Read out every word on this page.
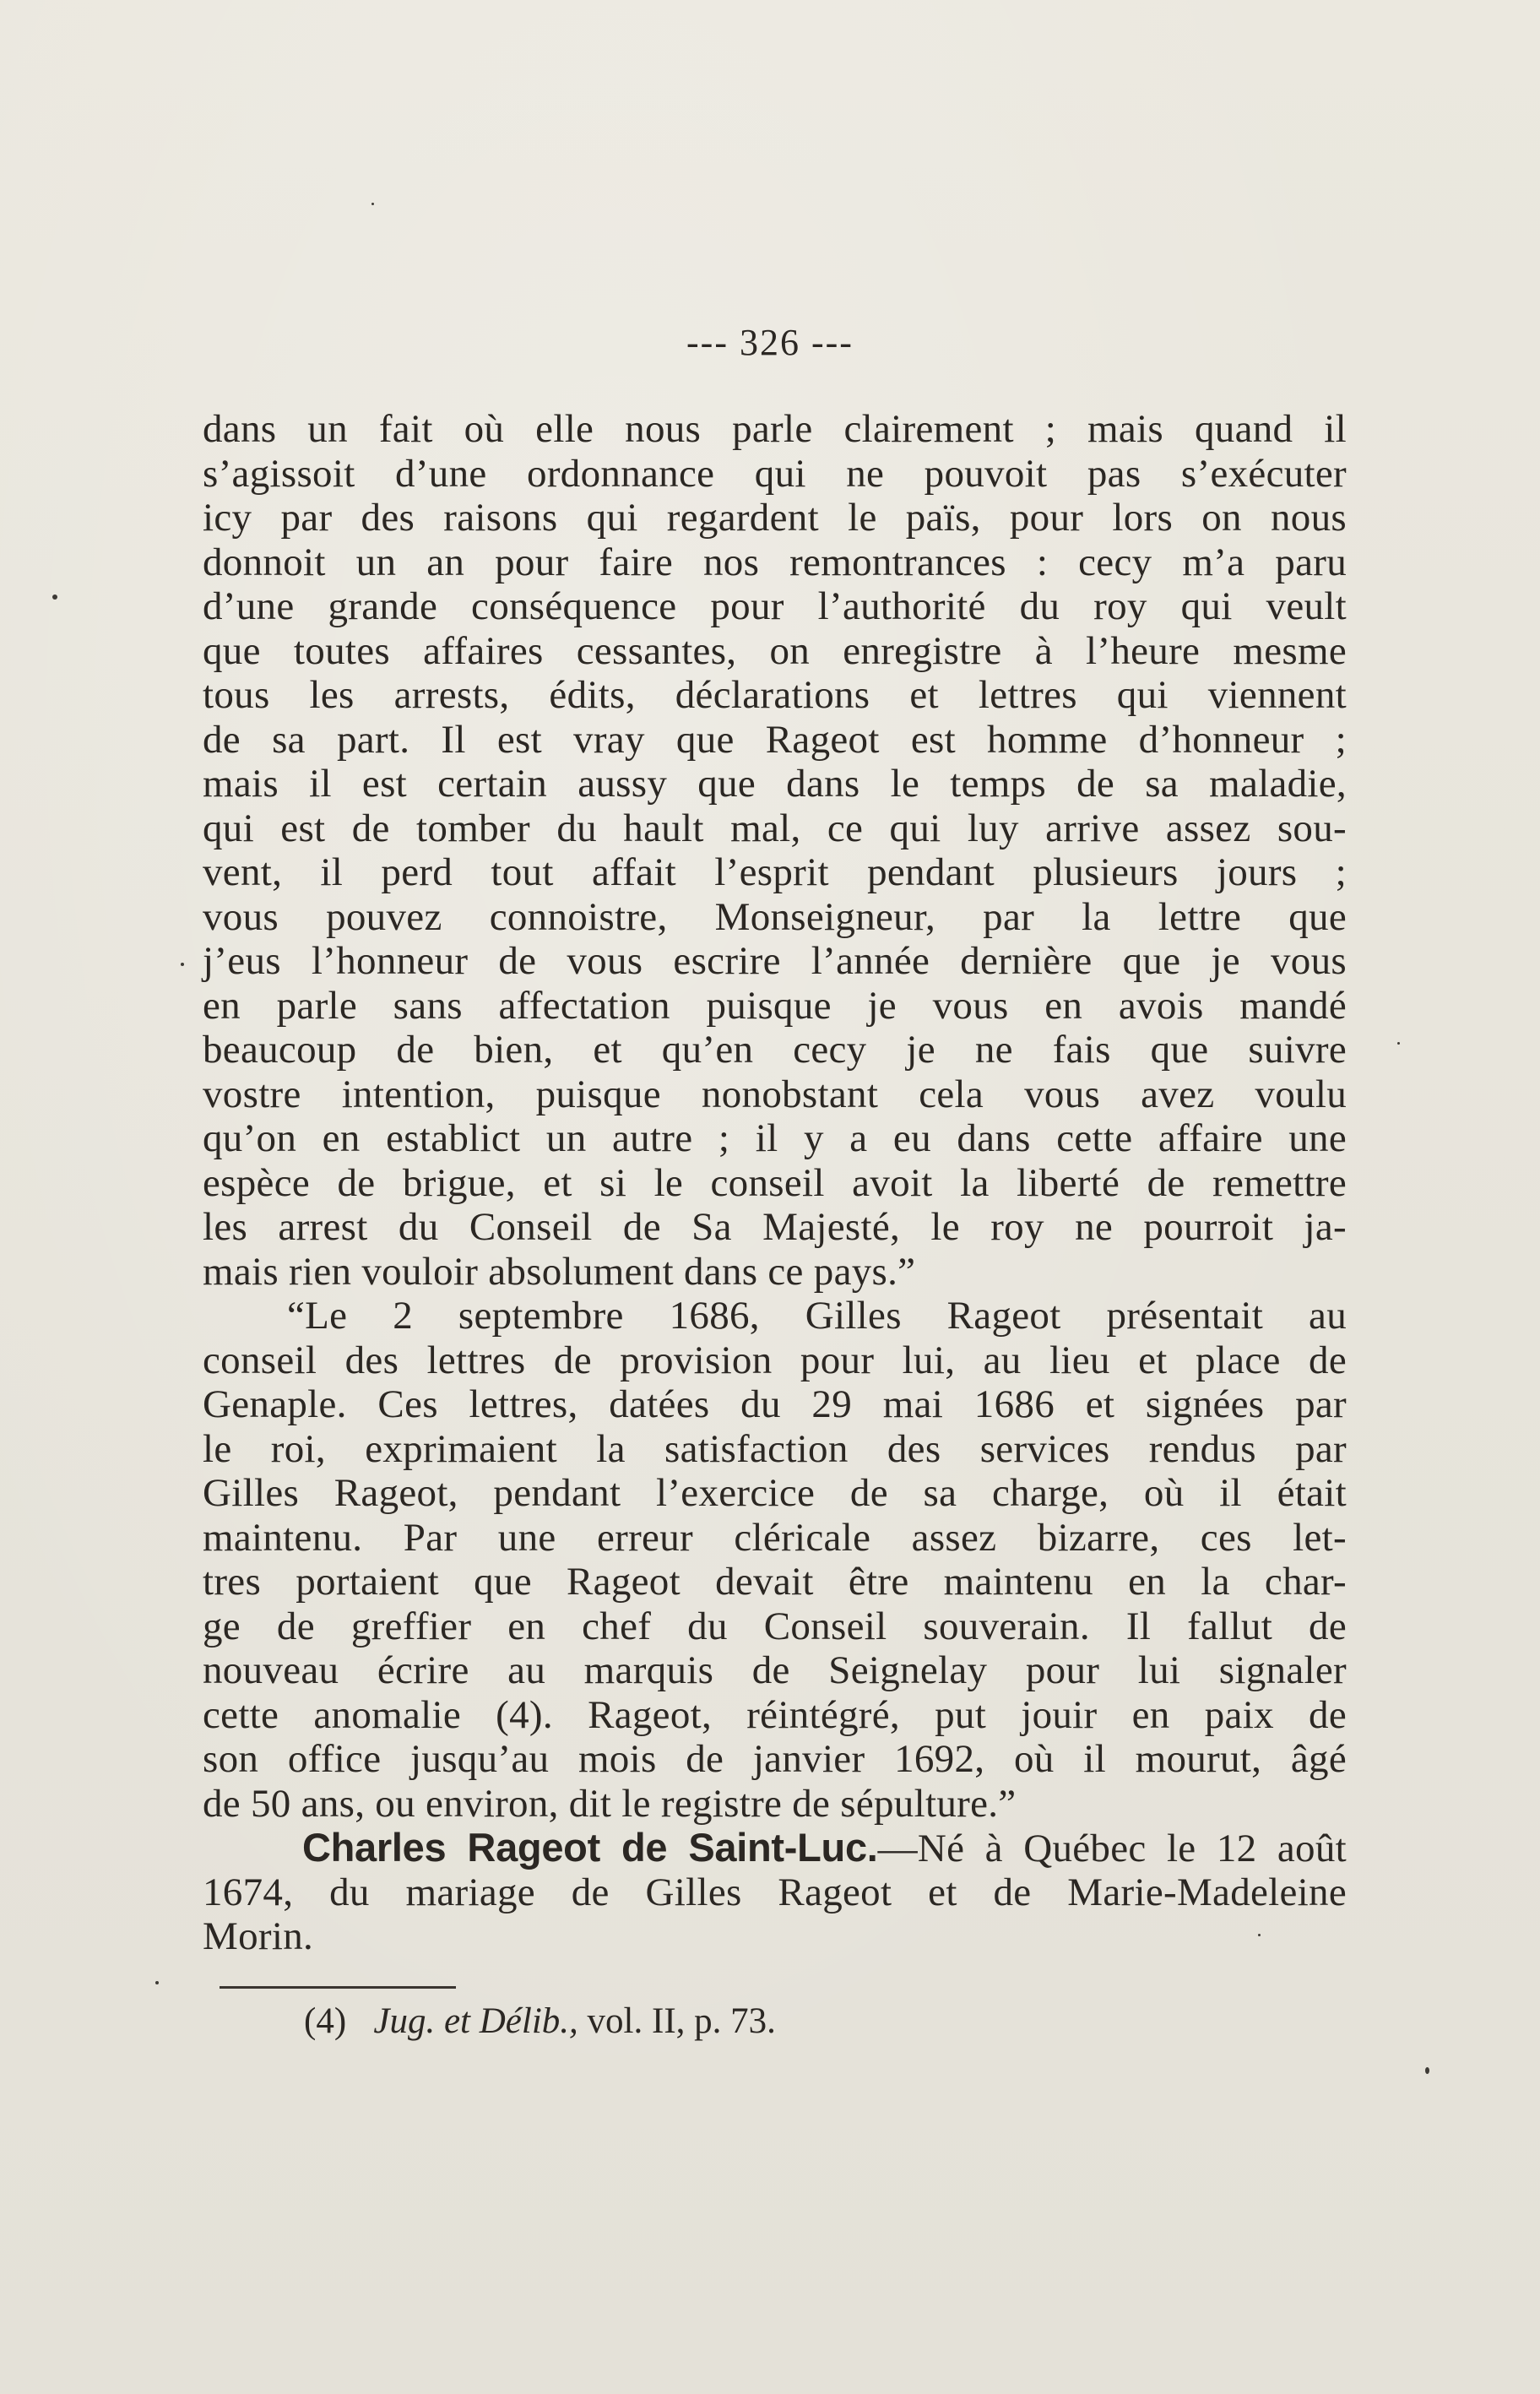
--- 326 ---
dans un fait où elle nous parle clairement ; mais quand il
s’agissoit d’une ordonnance qui ne pouvoit pas s’exécuter
icy par des raisons qui regardent le païs, pour lors on nous
donnoit un an pour faire nos remontrances : cecy m’a paru
d’une grande conséquence pour l’authorité du roy qui veult
que toutes affaires cessantes, on enregistre à l’heure mesme
tous les arrests, édits, déclarations et lettres qui viennent
de sa part. Il est vray que Rageot est homme d’honneur ;
mais il est certain aussy que dans le temps de sa maladie,
qui est de tomber du hault mal, ce qui luy arrive assez sou-
vent, il perd tout affait l’esprit pendant plusieurs jours ;
vous pouvez connoistre, Monseigneur, par la lettre que
j’eus l’honneur de vous escrire l’année dernière que je vous
en parle sans affectation puisque je vous en avois mandé
beaucoup de bien, et qu’en cecy je ne fais que suivre
vostre intention, puisque nonobstant cela vous avez voulu
qu’on en establict un autre ; il y a eu dans cette affaire une
espèce de brigue, et si le conseil avoit la liberté de remettre
les arrest du Conseil de Sa Majesté, le roy ne pourroit ja-
mais rien vouloir absolument dans ce pays.”
“Le 2 septembre 1686, Gilles Rageot présentait au
conseil des lettres de provision pour lui, au lieu et place de
Genaple. Ces lettres, datées du 29 mai 1686 et signées par
le roi, exprimaient la satisfaction des services rendus par
Gilles Rageot, pendant l’exercice de sa charge, où il était
maintenu. Par une erreur cléricale assez bizarre, ces let-
tres portaient que Rageot devait être maintenu en la char-
ge de greffier en chef du Conseil souverain. Il fallut de
nouveau écrire au marquis de Seignelay pour lui signaler
cette anomalie (4). Rageot, réintégré, put jouir en paix de
son office jusqu’au mois de janvier 1692, où il mourut, âgé
de 50 ans, ou environ, dit le registre de sépulture.”
Charles Rageot de Saint-Luc.—Né à Québec le 12 août
1674, du mariage de Gilles Rageot et de Marie-Madeleine
Morin.
(4) Jug. et Délib., vol. II, p. 73.
